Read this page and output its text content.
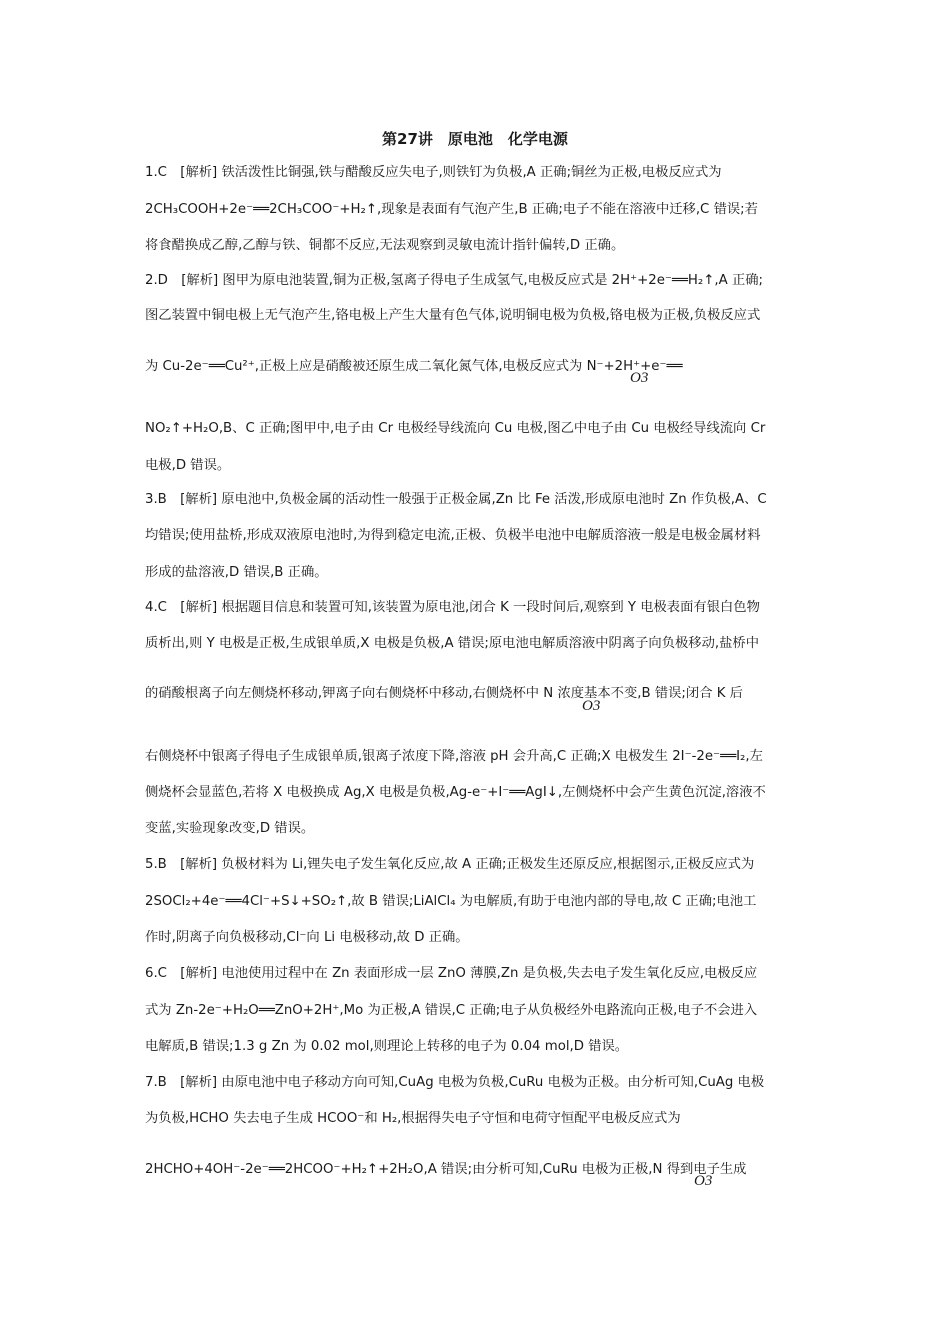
第27讲　原电池　化学电源
1.C　[解析] 铁活泼性比铜强,铁与醋酸反应失电子,则铁钉为负极,A 正确;铜丝为正极,电极反应式为
2CH₃COOH+2e⁻══2CH₃COO⁻+H₂↑,现象是表面有气泡产生,B 正确;电子不能在溶液中迁移,C 错误;若
将食醋换成乙醇,乙醇与铁、铜都不反应,无法观察到灵敏电流计指针偏转,D 正确。
2.D　[解析] 图甲为原电池装置,铜为正极,氢离子得电子生成氢气,电极反应式是 2H⁺+2e⁻══H₂↑,A 正确;
图乙装置中铜电极上无气泡产生,铬电极上产生大量有色气体,说明铜电极为负极,铬电极为正极,负极反应式
为 Cu-2e⁻══Cu²⁺,正极上应是硝酸被还原生成二氧化氮气体,电极反应式为 N⁻+2H⁺+e⁻══
O3
NO₂↑+H₂O,B、C 正确;图甲中,电子由 Cr 电极经导线流向 Cu 电极,图乙中电子由 Cu 电极经导线流向 Cr
电极,D 错误。
3.B　[解析] 原电池中,负极金属的活动性一般强于正极金属,Zn 比 Fe 活泼,形成原电池时 Zn 作负极,A、C
均错误;使用盐桥,形成双液原电池时,为得到稳定电流,正极、负极半电池中电解质溶液一般是电极金属材料
形成的盐溶液,D 错误,B 正确。
4.C　[解析] 根据题目信息和装置可知,该装置为原电池,闭合 K 一段时间后,观察到 Y 电极表面有银白色物
质析出,则 Y 电极是正极,生成银单质,X 电极是负极,A 错误;原电池电解质溶液中阴离子向负极移动,盐桥中
的硝酸根离子向左侧烧杯移动,钾离子向右侧烧杯中移动,右侧烧杯中 N 浓度基本不变,B 错误;闭合 K 后
O3
右侧烧杯中银离子得电子生成银单质,银离子浓度下降,溶液 pH 会升高,C 正确;X 电极发生 2I⁻-2e⁻══I₂,左
侧烧杯会显蓝色,若将 X 电极换成 Ag,X 电极是负极,Ag-e⁻+I⁻══AgI↓,左侧烧杯中会产生黄色沉淀,溶液不
变蓝,实验现象改变,D 错误。
5.B　[解析] 负极材料为 Li,锂失电子发生氧化反应,故 A 正确;正极发生还原反应,根据图示,正极反应式为
2SOCl₂+4e⁻══4Cl⁻+S↓+SO₂↑,故 B 错误;LiAlCl₄ 为电解质,有助于电池内部的导电,故 C 正确;电池工
作时,阴离子向负极移动,Cl⁻向 Li 电极移动,故 D 正确。
6.C　[解析] 电池使用过程中在 Zn 表面形成一层 ZnO 薄膜,Zn 是负极,失去电子发生氧化反应,电极反应
式为 Zn-2e⁻+H₂O══ZnO+2H⁺,Mo 为正极,A 错误,C 正确;电子从负极经外电路流向正极,电子不会进入
电解质,B 错误;1.3 g Zn 为 0.02 mol,则理论上转移的电子为 0.04 mol,D 错误。
7.B　[解析] 由原电池中电子移动方向可知,CuAg 电极为负极,CuRu 电极为正极。由分析可知,CuAg 电极
为负极,HCHO 失去电子生成 HCOO⁻和 H₂,根据得失电子守恒和电荷守恒配平电极反应式为
2HCHO+4OH⁻-2e⁻══2HCOO⁻+H₂↑+2H₂O,A 错误;由分析可知,CuRu 电极为正极,N 得到电子生成
O3
